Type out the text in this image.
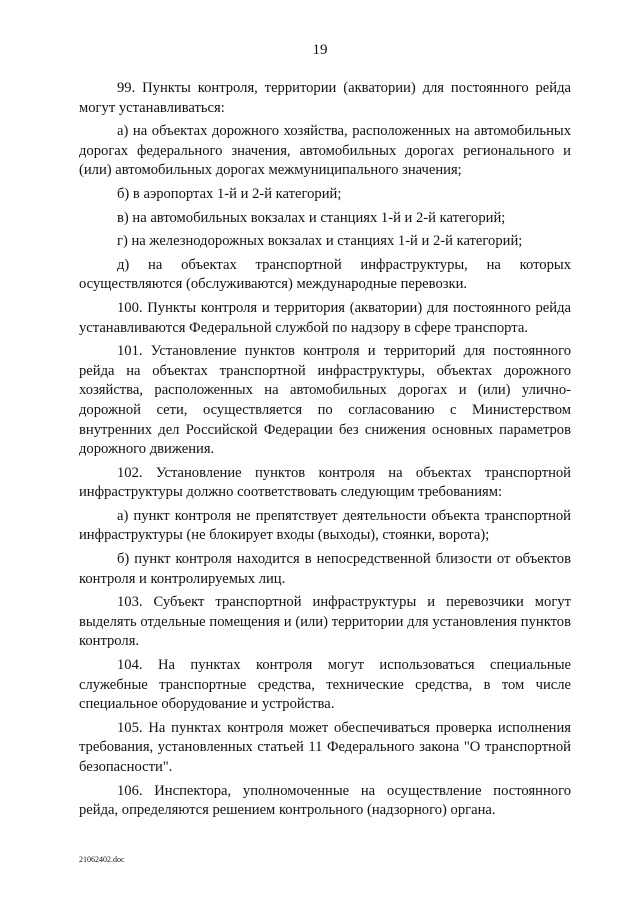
19

99. Пункты контроля, территории (акватории) для постоянного рейда могут устанавливаться:

а) на объектах дорожного хозяйства, расположенных на автомобильных дорогах федерального значения, автомобильных дорогах регионального и (или) автомобильных дорогах межмуниципального значения;

б) в аэропортах 1-й и 2-й категорий;

в) на автомобильных вокзалах и станциях 1-й и 2-й категорий;

г) на железнодорожных вокзалах и станциях 1-й и 2-й категорий;

д) на объектах транспортной инфраструктуры, на которых осуществляются (обслуживаются) международные перевозки.

100. Пункты контроля и территория (акватории) для постоянного рейда устанавливаются Федеральной службой по надзору в сфере транспорта.

101. Установление пунктов контроля и территорий для постоянного рейда на объектах транспортной инфраструктуры, объектах дорожного хозяйства, расположенных на автомобильных дорогах и (или) улично-дорожной сети, осуществляется по согласованию с Министерством внутренних дел Российской Федерации без снижения основных параметров дорожного движения.

102. Установление пунктов контроля на объектах транспортной инфраструктуры должно соответствовать следующим требованиям:

а) пункт контроля не препятствует деятельности объекта транспортной инфраструктуры (не блокирует входы (выходы), стоянки, ворота);

б) пункт контроля находится в непосредственной близости от объектов контроля и контролируемых лиц.

103. Субъект транспортной инфраструктуры и перевозчики могут выделять отдельные помещения и (или) территории для установления пунктов контроля.

104. На пунктах контроля могут использоваться специальные служебные транспортные средства, технические средства, в том числе специальное оборудование и устройства.

105. На пунктах контроля может обеспечиваться проверка исполнения требования, установленных статьей 11 Федерального закона "О транспортной безопасности".

106. Инспектора, уполномоченные на осуществление постоянного рейда, определяются решением контрольного (надзорного) органа.

21062402.doc
